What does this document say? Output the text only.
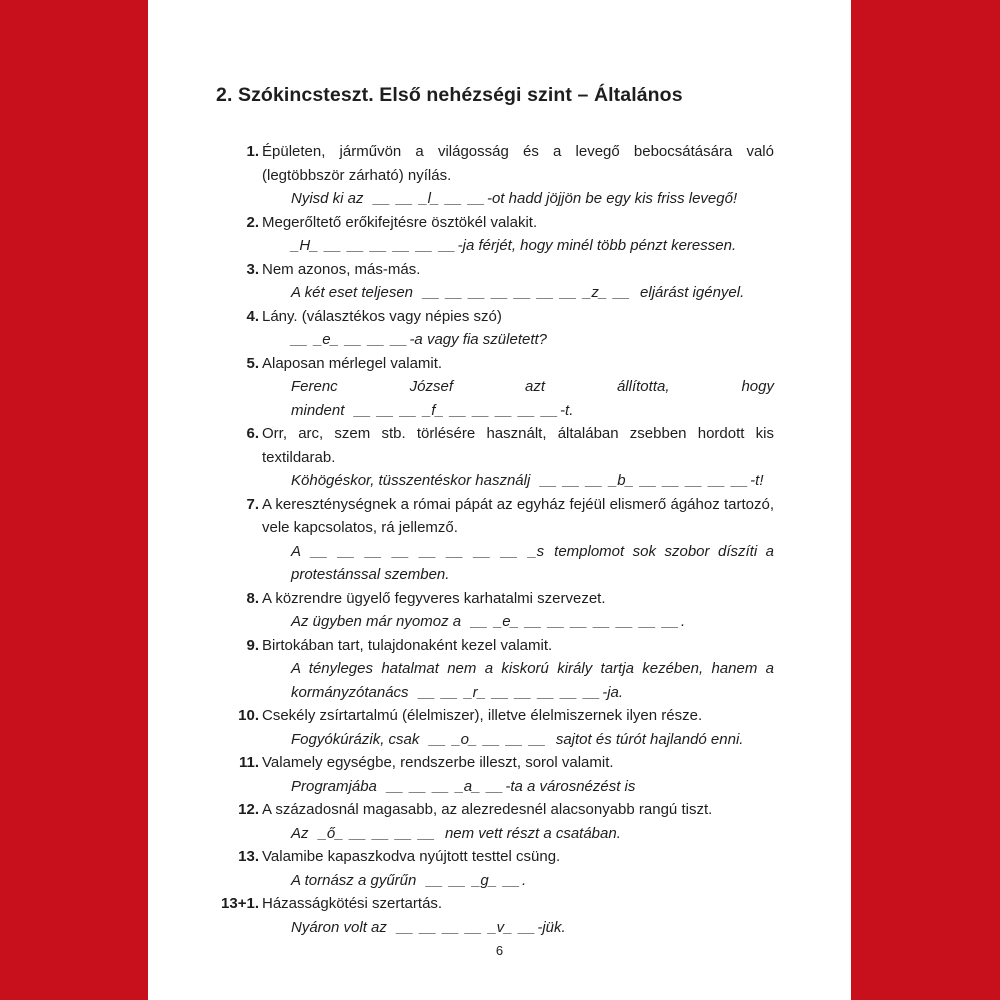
2. Szókincsteszt. Első nehézségi szint – Általános
1. Épületen, járművön a világosság és a levegő bebocsátására való (legtöbbször zárható) nyílás.
Nyisd ki az __ __ _l_ __ __ -ot hadd jöjjön be egy kis friss levegő!
2. Megerőltető erőkifejtésre ösztökél valakit.
_H_ __ __ __ __ __ __ -ja férjét, hogy minél több pénzt keressen.
3. Nem azonos, más-más.
A két eset teljesen __ __ __ __ __ __ __ _z_ __ eljárást igényel.
4. Lány. (választékos vagy népies szó)
__ _e_ __ __ __ -a vagy fia született?
5. Alaposan mérlegel valamit.
Ferenc József azt állította, hogy mindent __ __ __ _f_ __ __ __ __ __ -t.
6. Orr, arc, szem stb. törlésére használt, általában zsebben hordott kis textildarab.
Köhögéskor, tüsszentéskor használj __ __ __ _b_ __ __ __ __ __ -t!
7. A kereszténységnek a római pápát az egyház fejéül elismerő ágához tartozó, vele kapcsolatos, rá jellemző.
A __ __ __ __ __ __ __ __ _s templomot sok szobor díszíti a protestánssal szemben.
8. A közrendre ügyelő fegyveres karhatalmi szervezet.
Az ügyben már nyomoz a __ _e_ __ __ __ __ __ __ __ .
9. Birtokában tart, tulajdonaként kezel valamit.
A tényleges hatalmat nem a kiskorú király tartja kezében, hanem a kormányzótanács __ __ _r_ __ __ __ __ __ -ja.
10. Csekély zsírtartalmú (élelmiszer), illetve élelmiszernek ilyen része.
Fogyókúrázik, csak __ _o_ __ __ __ sajtot és túrót hajlandó enni.
11. Valamely egységbe, rendszerbe illeszt, sorol valamit.
Programjába __ __ __ _a_ __ -ta a városnézést is
12. A századosnál magasabb, az alezredesnél alacsonyabb rangú tiszt.
Az _ő_ __ __ __ __ nem vett részt a csatában.
13. Valamibe kapaszkodva nyújtott testtel csüng.
A tornász a gyűrűn __ __ _g_ __ .
13+1. Házasságkötési szertartás.
Nyáron volt az __ __ __ __ _v_ __ -jük.
6
